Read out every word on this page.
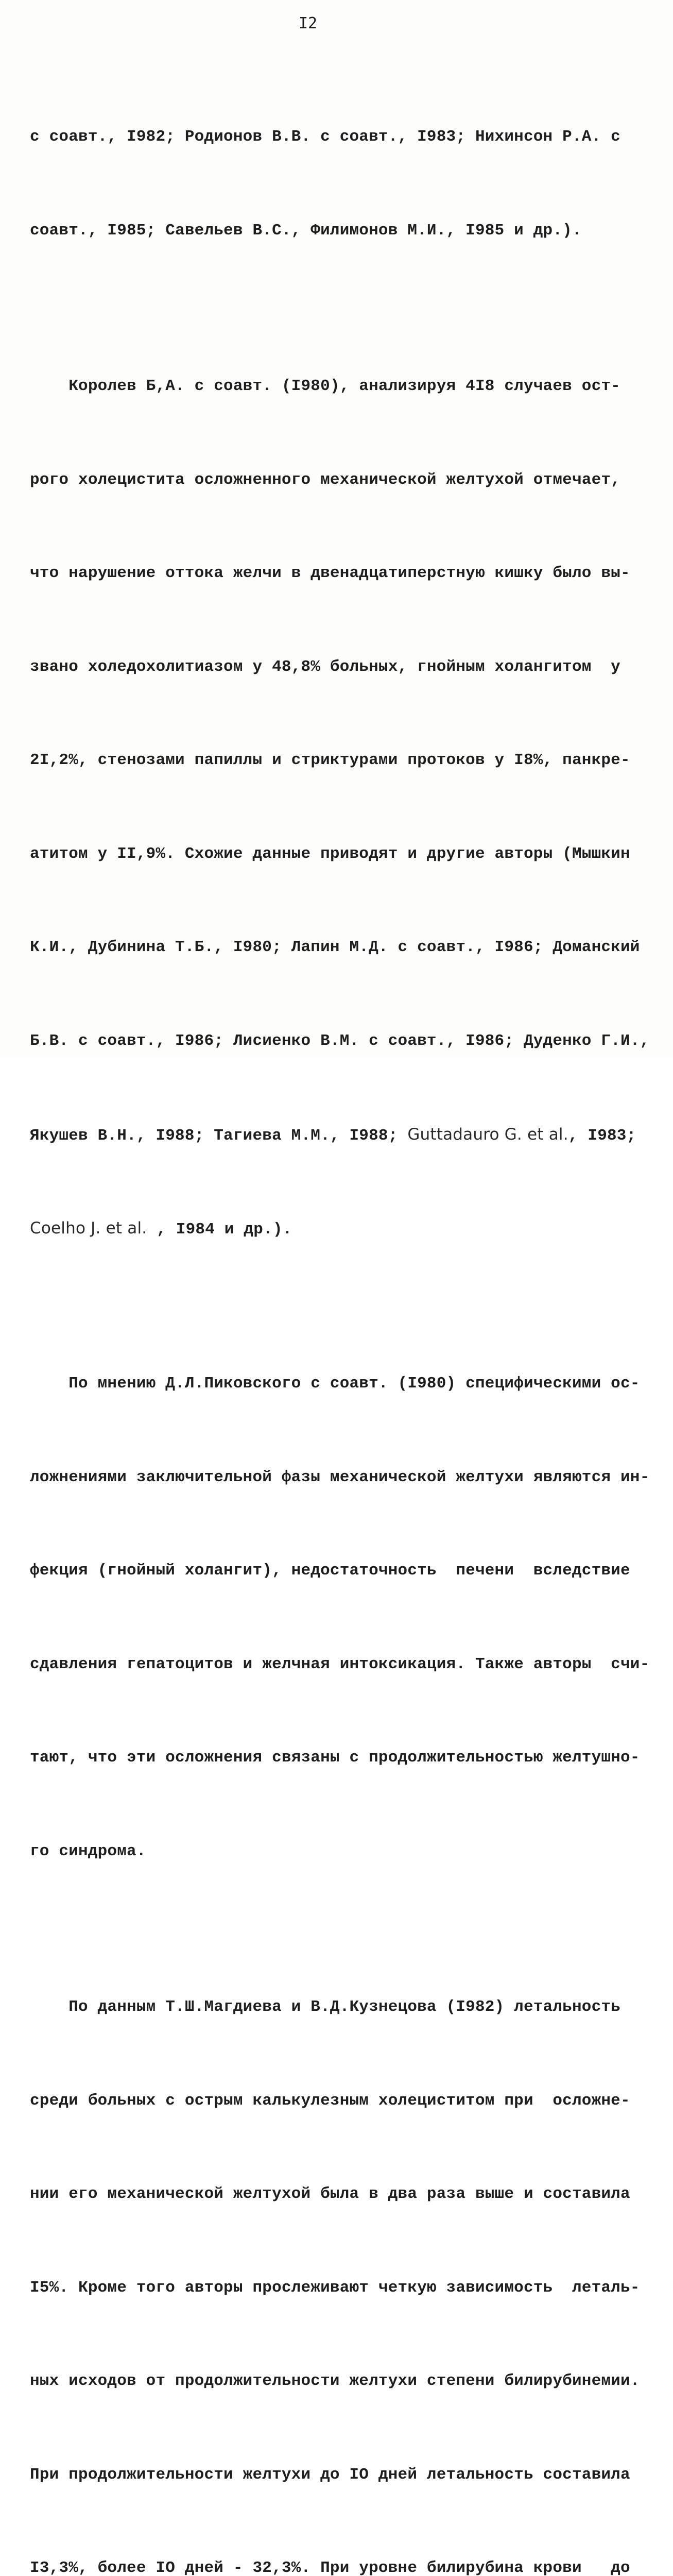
I2

с соавт., I982; Родионов В.В. с соавт., I983; Нихинсон Р.А. с

соавт., I985; Савельев В.С., Филимонов М.И., I985 и др.).

Королев Б,А. с соавт. (I980), анализируя 4I8 случаев ост-

рого холецистита осложненного механической желтухой отмечает,

что нарушение оттока желчи в двенадцатиперстную кишку было вы-

звано холедохолитиазом у 48,8% больных, гнойным холангитом  у

2I,2%, стенозами папиллы и стриктурами протоков у I8%, панкре-

атитом у II,9%. Схожие данные приводят и другие авторы (Мышкин

К.И., Дубинина Т.Б., I980; Лапин М.Д. с соавт., I986; Доманский

Б.В. с соавт., I986; Лисиенко В.М. с соавт., I986; Дуденко Г.И.,

Якушев В.Н., I988; Тагиева М.М., I988; Guttadauro G. et al., I983;

Coelho J. et al. , I984 и др.).

По мнению Д.Л.Пиковского с соавт. (I980) специфическими ос-

ложнениями заключительной фазы механической желтухи являются ин-

фекция (гнойный холангит), недостаточность  печени  вследствие

сдавления гепатоцитов и желчная интоксикация. Также авторы  счи-

тают, что эти осложнения связаны с продолжительностью желтушно-

го синдрома.

По данным Т.Ш.Магдиева и В.Д.Кузнецова (I982) летальность

среди больных с острым калькулезным холециститом при  осложне-

нии его механической желтухой была в два раза выше и составила

I5%. Кроме того авторы прослеживают четкую зависимость  леталь-

ных исходов от продолжительности желтухи степени билирубинемии.

При продолжительности желтухи до IO дней летальность составила

I3,3%, более IO дней - 32,3%. При уровне билирубина крови   до
